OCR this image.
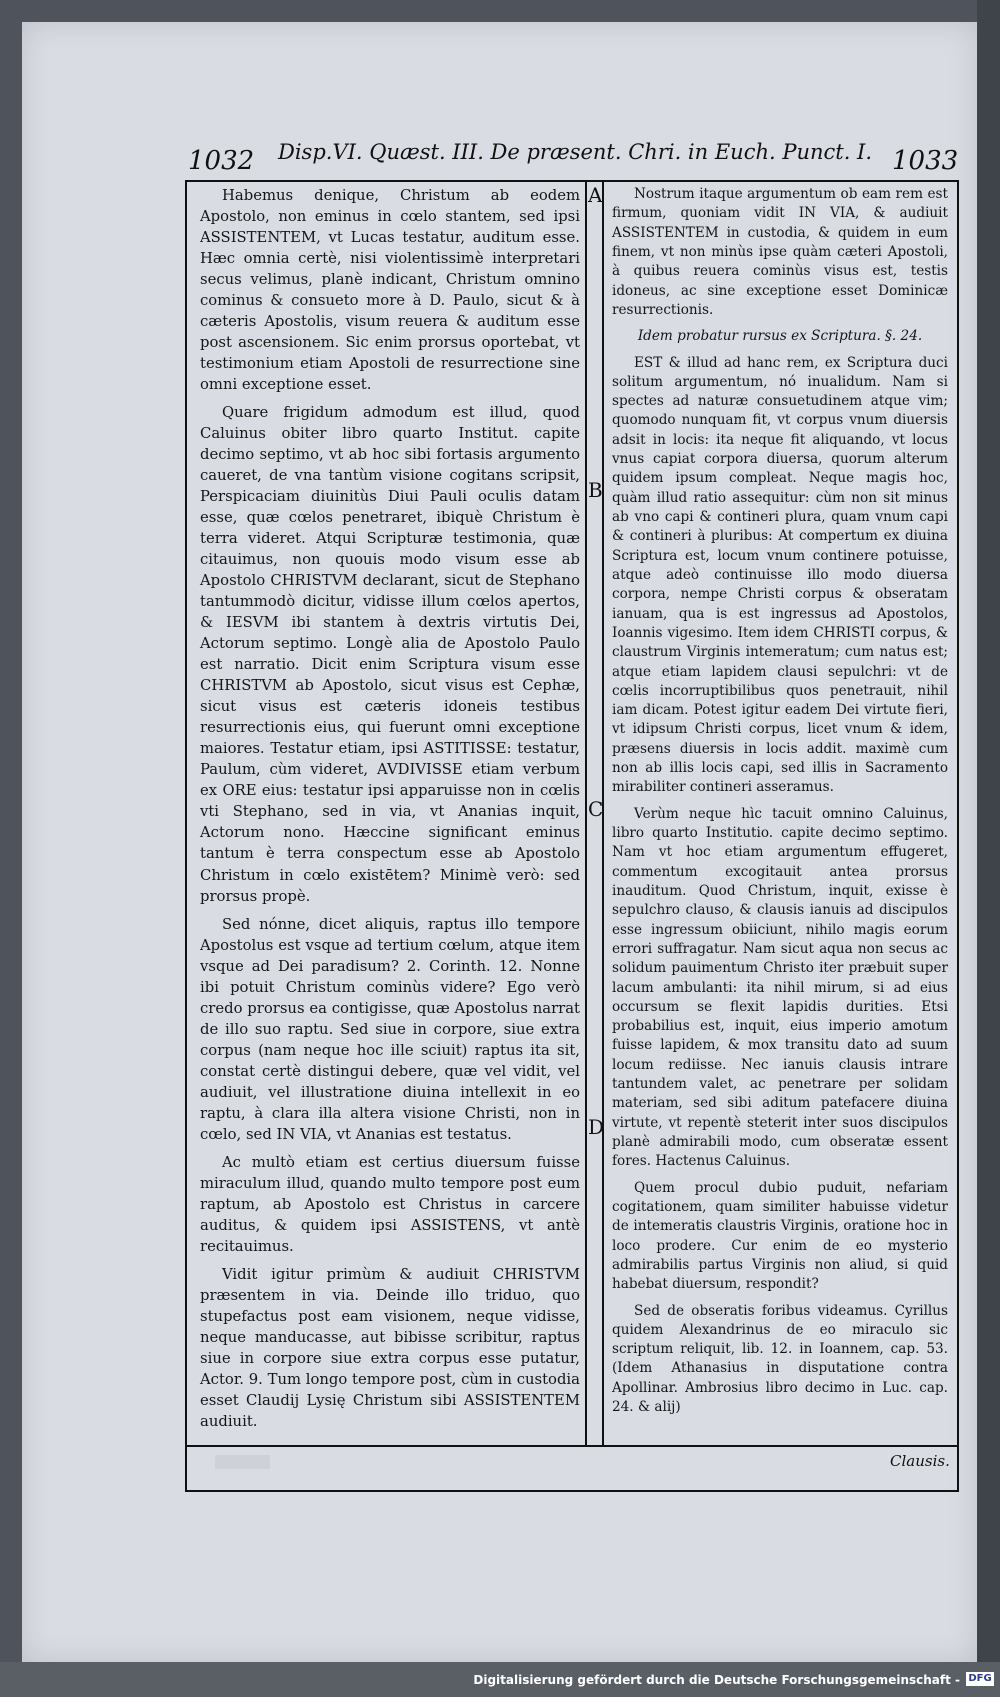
1032 Disp.VI. Quæst. III. De præsent. Chri. in Euch. Punct. I. 1033
A
B
C
D

Habemus denique, Christum ab eodem Apostolo, non eminus in cœlo stantem, sed ipsi ASSISTENTEM, vt Lucas testatur, auditum esse. Hæc omnia certè, nisi violentissimè interpretari secus velimus, planè indicant, Christum omnino cominus & consueto more à D. Paulo, sicut & à cæteris Apostolis, visum reuera & auditum esse post ascensionem. Sic enim prorsus oportebat, vt testimonium etiam Apostoli de resurrectione sine omni exceptione esset.

Quare frigidum admodum est illud, quod Caluinus obiter libro quarto Institut. capite decimo septimo, vt ab hoc sibi fortasis argumento caueret, de vna tantùm visione cogitans scripsit, Perspicaciam diuinitùs Diui Pauli oculis datam esse, quæ cœlos penetraret, ibiquè Christum è terra videret. Atqui Scripturæ testimonia, quæ citauimus, non quouis modo visum esse ab Apostolo CHRISTVM declarant, sicut de Stephano tantummodò dicitur, vidisse illum cœlos apertos, & IESVM ibi stantem à dextris virtutis Dei, Actorum septimo. Longè alia de Apostolo Paulo est narratio. Dicit enim Scriptura visum esse CHRISTVM ab Apostolo, sicut visus est Cephæ, sicut visus est cæteris idoneis testibus resurrectionis eius, qui fuerunt omni exceptione maiores. Testatur etiam, ipsi ASTITISSE: testatur, Paulum, cùm videret, AVDIVISSE etiam verbum ex ORE eius: testatur ipsi apparuisse non in cœlis vti Stephano, sed in via, vt Ananias inquit, Actorum nono. Hæccine significant eminus tantum è terra conspectum esse ab Apostolo Christum in cœlo existētem? Minimè verò: sed prorsus propè.

Sed nónne, dicet aliquis, raptus illo tempore Apostolus est vsque ad tertium cœlum, atque item vsque ad Dei paradisum? 2. Corinth. 12. Nonne ibi potuit Christum cominùs videre? Ego verò credo prorsus ea contigisse, quæ Apostolus narrat de illo suo raptu. Sed siue in corpore, siue extra corpus (nam neque hoc ille sciuit) raptus ita sit, constat certè distingui debere, quæ vel vidit, vel audiuit, vel illustratione diuina intellexit in eo raptu, à clara illa altera visione Christi, non in cœlo, sed IN VIA, vt Ananias est testatus.

Ac multò etiam est certius diuersum fuisse miraculum illud, quando multo tempore post eum raptum, ab Apostolo est Christus in carcere auditus, & quidem ipsi ASSISTENS, vt antè recitauimus.

Vidit igitur primùm & audiuit CHRISTVM præsentem in via. Deinde illo triduo, quo stupefactus post eam visionem, neque vidisse, neque manducasse, aut bibisse scribitur, raptus siue in corpore siue extra corpus esse putatur, Actor. 9. Tum longo tempore post, cùm in custodia esset Claudij Lysię Christum sibi ASSISTENTEM audiuit.

Nostrum itaque argumentum ob eam rem est firmum, quoniam vidit IN VIA, & audiuit ASSISTENTEM in custodia, & quidem in eum finem, vt non minùs ipse quàm cæteri Apostoli, à quibus reuera cominùs visus est, testis idoneus, ac sine exceptione esset Dominicæ resurrectionis.

Idem probatur rursus ex Scriptura. §. 24.

EST & illud ad hanc rem, ex Scriptura duci solitum argumentum, nó inualidum. Nam si spectes ad naturæ consuetudinem atque vim; quomodo nunquam fit, vt corpus vnum diuersis adsit in locis: ita neque fit aliquando, vt locus vnus capiat corpora diuersa, quorum alterum quidem ipsum compleat. Neque magis hoc, quàm illud ratio assequitur: cùm non sit minus ab vno capi & contineri plura, quam vnum capi & contineri à pluribus: At compertum ex diuina Scriptura est, locum vnum continere potuisse, atque adeò continuisse illo modo diuersa corpora, nempe Christi corpus & obseratam ianuam, qua is est ingressus ad Apostolos, Ioannis vigesimo. Item idem CHRISTI corpus, & claustrum Virginis intemeratum; cum natus est; atque etiam lapidem clausi sepulchri: vt de cœlis incorruptibilibus quos penetrauit, nihil iam dicam. Potest igitur eadem Dei virtute fieri, vt idipsum Christi corpus, licet vnum & idem, præsens diuersis in locis addit. maximè cum non ab illis locis capi, sed illis in Sacramento mirabiliter contineri asseramus.

Verùm neque hìc tacuit omnino Caluinus, libro quarto Institutio. capite decimo septimo. Nam vt hoc etiam argumentum effugeret, commentum excogitauit antea prorsus inauditum. Quod Christum, inquit, exisse è sepulchro clauso, & clausis ianuis ad discipulos esse ingressum obiiciunt, nihilo magis eorum errori suffragatur. Nam sicut aqua non secus ac solidum pauimentum Christo iter præbuit super lacum ambulanti: ita nihil mirum, si ad eius occursum se flexit lapidis durities. Etsi probabilius est, inquit, eius imperio amotum fuisse lapidem, & mox transitu dato ad suum locum rediisse. Nec ianuis clausis intrare tantundem valet, ac penetrare per solidam materiam, sed sibi aditum patefacere diuina virtute, vt repentè steterit inter suos discipulos planè admirabili modo, cum obseratæ essent fores. Hactenus Caluinus.

Quem procul dubio puduit, nefariam cogitationem, quam similiter habuisse videtur de intemeratis claustris Virginis, oratione hoc in loco prodere. Cur enim de eo mysterio admirabilis partus Virginis non aliud, si quid habebat diuersum, respondit?

Sed de obseratis foribus videamus. Cyrillus quidem Alexandrinus de eo miraculo sic scriptum reliquit, lib. 12. in Ioannem, cap. 53. (Idem Athanasius in disputatione contra Apollinar. Ambrosius libro decimo in Luc. cap. 24. & alij)

Clausis.
Digitalisierung gefördert durch die Deutsche Forschungsgemeinschaft - DFG
